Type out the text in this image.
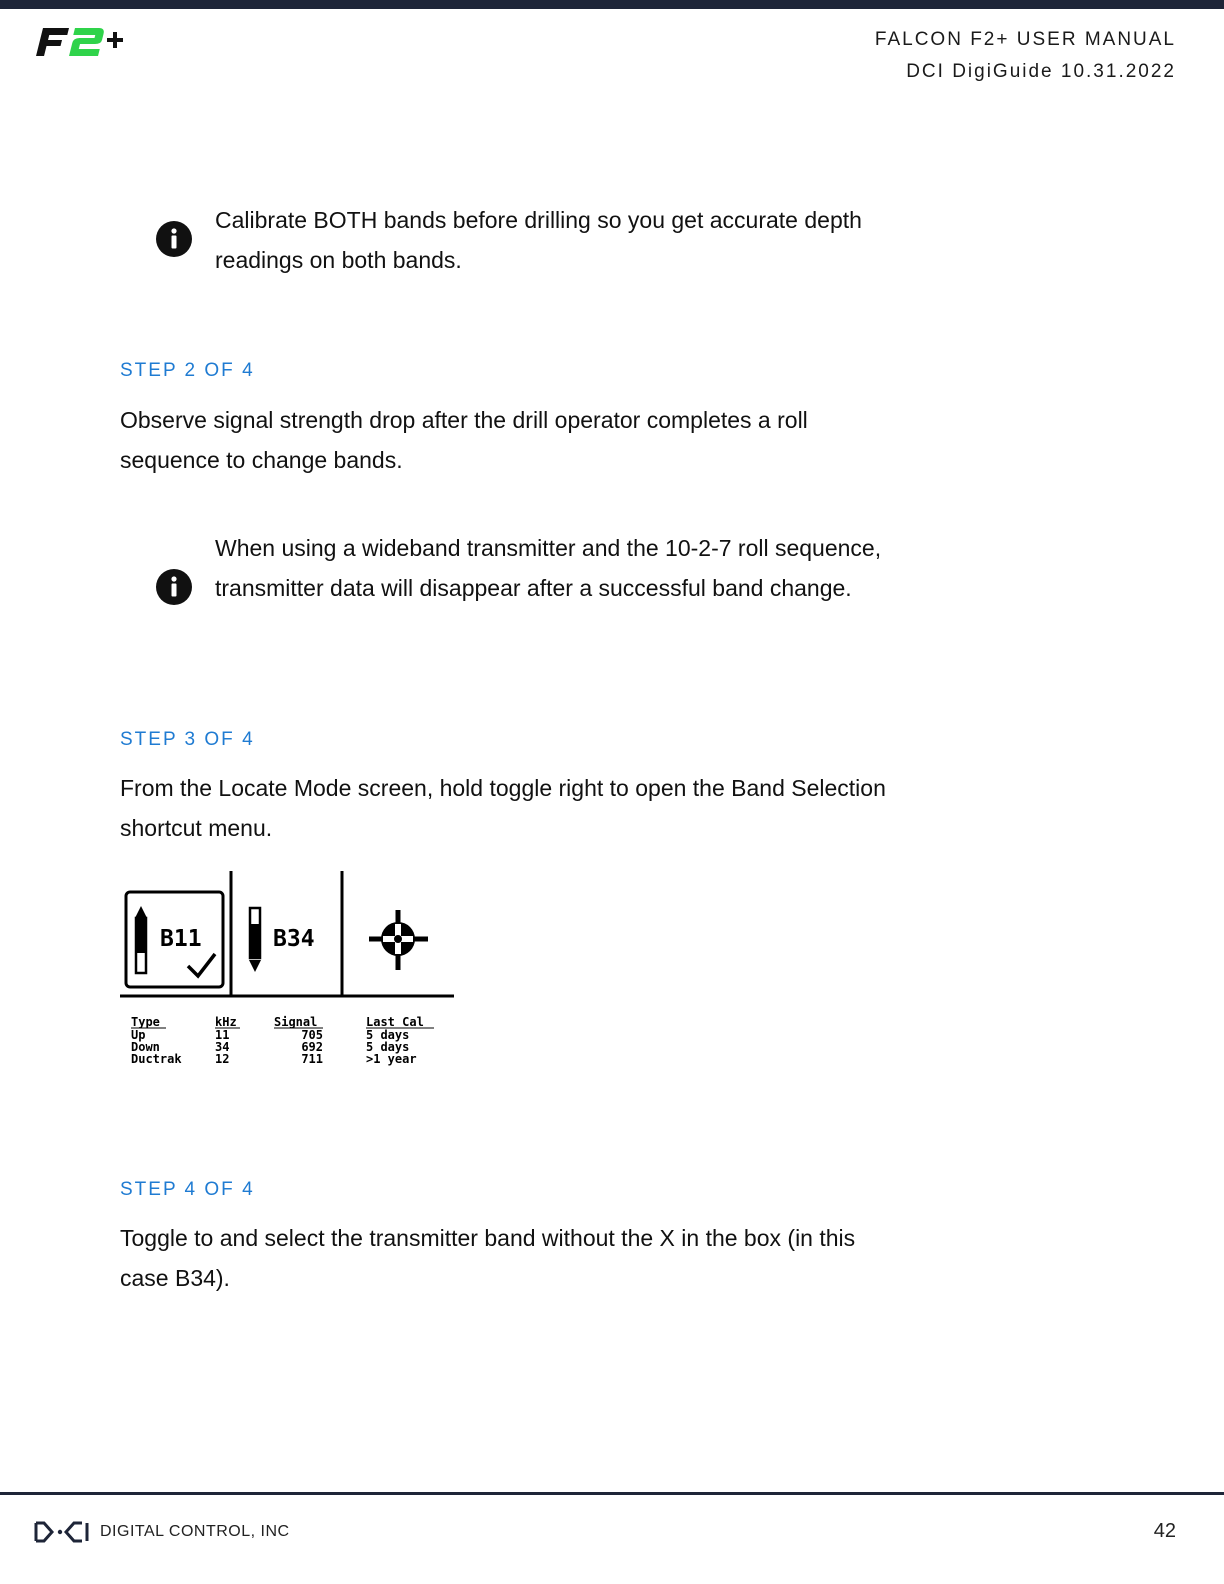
FALCON F2+ USER MANUAL
DCI DigiGuide 10.31.2022
Calibrate BOTH bands before drilling so you get accurate depth readings on both bands.
STEP 2 OF 4
Observe signal strength drop after the drill operator completes a roll sequence to change bands.
When using a wideband transmitter and the 10-2-7 roll sequence, transmitter data will disappear after a successful band change.
STEP 3 OF 4
From the Locate Mode screen, hold toggle right to open the Band Selection shortcut menu.
B11	B34
Type	kHz	Signal	Last Cal
Up	11	705	5 days
Down	34	692	5 days
Ductrak	12	711	>1 year
STEP 4 OF 4
Toggle to and select the transmitter band without the X in the box (in this case B34).
DIGITAL CONTROL, INC	42
